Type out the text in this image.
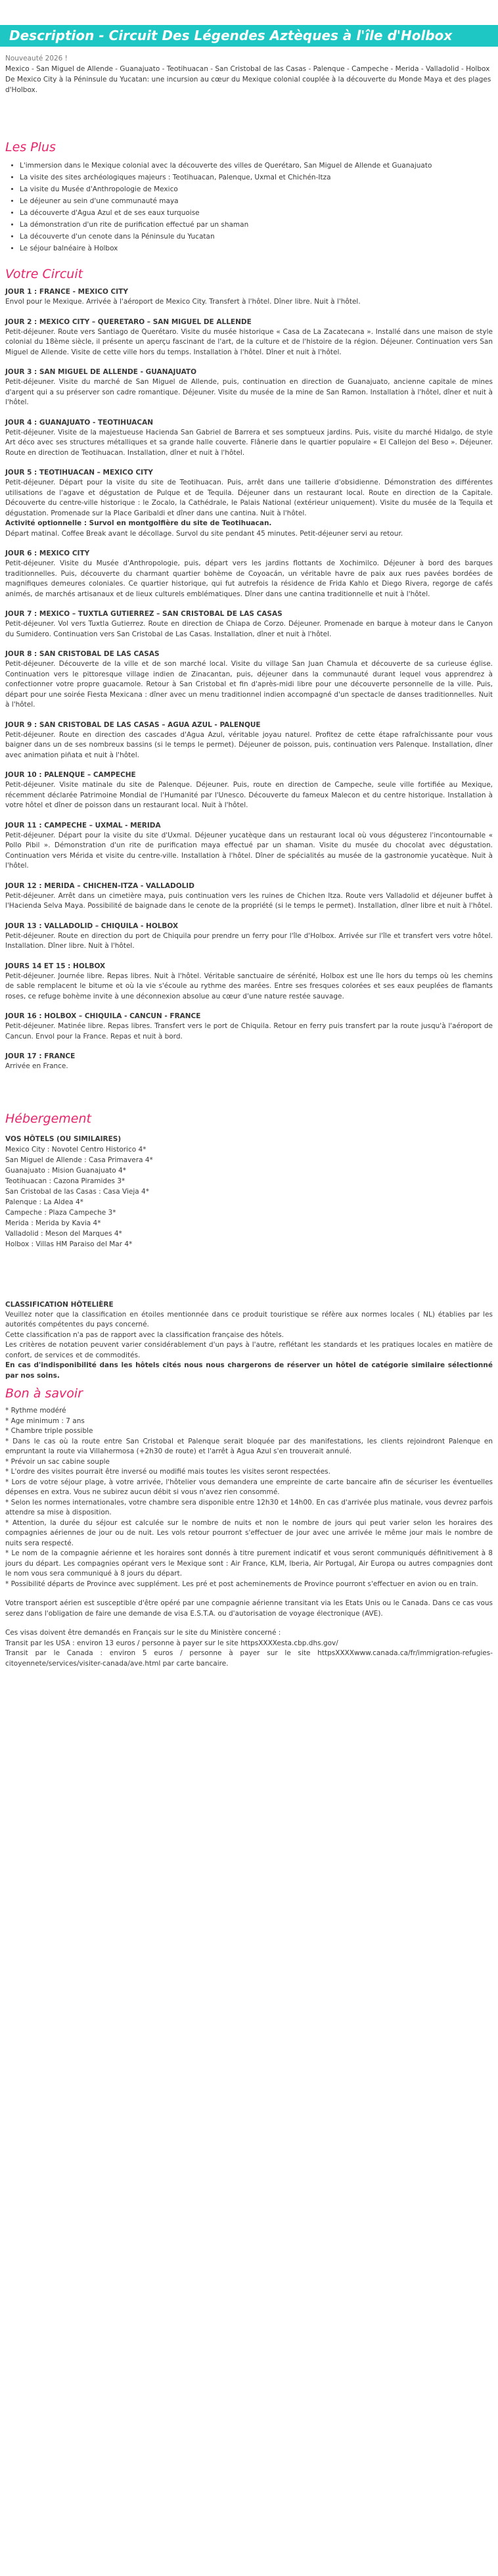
Description - Circuit Des Légendes Aztèques à l'île d'Holbox

Nouveauté 2026 !

Mexico - San Miguel de Allende - Guanajuato - Teotihuacan - San Cristobal de las Casas - Palenque - Campeche - Merida - Valladolid - Holbox

De Mexico City à la Péninsule du Yucatan: une incursion au cœur du Mexique colonial couplée à la découverte du Monde Maya et des plages d'Holbox.

Les Plus
• L'immersion dans le Mexique colonial avec la découverte des villes de Querétaro, San Miguel de Allende et Guanajuato
• La visite des sites archéologiques majeurs : Teotihuacan, Palenque, Uxmal et Chichén-Itza
• La visite du Musée d'Anthropologie de Mexico
• Le déjeuner au sein d'une communauté maya
• La découverte d'Agua Azul et de ses eaux turquoise
• La démonstration d'un rite de purification effectué par un shaman
• La découverte d'un cenote dans la Péninsule du Yucatan
• Le séjour balnéaire à Holbox
Votre Circuit
JOUR 1 : FRANCE - MEXICO CITY
Envol pour le Mexique. Arrivée à l'aéroport de Mexico City. Transfert à l'hôtel. Dîner libre. Nuit à l'hôtel.
JOUR 2 : MEXICO CITY – QUERETARO – SAN MIGUEL DE ALLENDE
Petit-déjeuner. Route vers Santiago de Querétaro. Visite du musée historique « Casa de La Zacatecana ». Installé dans une maison de style colonial du 18ème siècle, il présente un aperçu fascinant de l'art, de la culture et de l'histoire de la région. Déjeuner. Continuation vers San Miguel de Allende. Visite de cette ville hors du temps. Installation à l'hôtel. Dîner et nuit à l'hôtel.
JOUR 3 : SAN MIGUEL DE ALLENDE - GUANAJUATO
Petit-déjeuner. Visite du marché de San Miguel de Allende, puis, continuation en direction de Guanajuato, ancienne capitale de mines d'argent qui a su préserver son cadre romantique. Déjeuner. Visite du musée de la mine de San Ramon. Installation à l'hôtel, dîner et nuit à l'hôtel.
JOUR 4 : GUANAJUATO - TEOTIHUACAN
Petit-déjeuner. Visite de la majestueuse Hacienda San Gabriel de Barrera et ses somptueux jardins. Puis, visite du marché Hidalgo, de style Art déco avec ses structures métalliques et sa grande halle couverte. Flânerie dans le quartier populaire « El Callejon del Beso ». Déjeuner. Route en direction de Teotihuacan. Installation, dîner et nuit à l'hôtel.
JOUR 5 : TEOTIHUACAN – MEXICO CITY
Petit-déjeuner. Départ pour la visite du site de Teotihuacan. Puis, arrêt dans une taillerie d'obsidienne. Démonstration des différentes utilisations de l'agave et dégustation de Pulque et de Tequila. Déjeuner dans un restaurant local. Route en direction de la Capitale. Découverte du centre-ville historique : le Zocalo, la Cathédrale, le Palais National (extérieur uniquement). Visite du musée de la Tequila et dégustation. Promenade sur la Place Garibaldi et dîner dans une cantina. Nuit à l'hôtel.
Activité optionnelle : Survol en montgolfière du site de Teotihuacan.
Départ matinal. Coffee Break avant le décollage. Survol du site pendant 45 minutes. Petit-déjeuner servi au retour.
JOUR 6 : MEXICO CITY
Petit-déjeuner. Visite du Musée d'Anthropologie, puis, départ vers les jardins flottants de Xochimilco. Déjeuner à bord des barques traditionnelles. Puis, découverte du charmant quartier bohème de Coyoacán, un véritable havre de paix aux rues pavées bordées de magnifiques demeures coloniales. Ce quartier historique, qui fut autrefois la résidence de Frida Kahlo et Diego Rivera, regorge de cafés animés, de marchés artisanaux et de lieux culturels emblématiques. Dîner dans une cantina traditionnelle et nuit à l'hôtel.
JOUR 7 : MEXICO – TUXTLA GUTIERREZ – SAN CRISTOBAL DE LAS CASAS
Petit-déjeuner. Vol vers Tuxtla Gutierrez. Route en direction de Chiapa de Corzo. Déjeuner. Promenade en barque à moteur dans le Canyon du Sumidero. Continuation vers San Cristobal de Las Casas. Installation, dîner et nuit à l'hôtel.
JOUR 8 : SAN CRISTOBAL DE LAS CASAS
Petit-déjeuner. Découverte de la ville et de son marché local. Visite du village San Juan Chamula et découverte de sa curieuse église. Continuation vers le pittoresque village indien de Zinacantan, puis, déjeuner dans la communauté durant lequel vous apprendrez à confectionner votre propre guacamole. Retour à San Cristobal et fin d'après-midi libre pour une découverte personnelle de la ville. Puis, départ pour une soirée Fiesta Mexicana : dîner avec un menu traditionnel indien accompagné d'un spectacle de danses traditionnelles. Nuit à l'hôtel.
JOUR 9 : SAN CRISTOBAL DE LAS CASAS – AGUA AZUL - PALENQUE
Petit-déjeuner. Route en direction des cascades d'Agua Azul, véritable joyau naturel. Profitez de cette étape rafraîchissante pour vous baigner dans un de ses nombreux bassins (si le temps le permet). Déjeuner de poisson, puis, continuation vers Palenque. Installation, dîner avec animation piñata et nuit à l'hôtel.
JOUR 10 : PALENQUE – CAMPECHE
Petit-déjeuner. Visite matinale du site de Palenque. Déjeuner. Puis, route en direction de Campeche, seule ville fortifiée au Mexique, récemment déclarée Patrimoine Mondial de l'Humanité par l'Unesco. Découverte du fameux Malecon et du centre historique. Installation à votre hôtel et dîner de poisson dans un restaurant local. Nuit à l'hôtel.
JOUR 11 : CAMPECHE – UXMAL - MERIDA
Petit-déjeuner. Départ pour la visite du site d'Uxmal. Déjeuner yucatèque dans un restaurant local où vous dégusterez l'incontournable « Pollo Pibil ». Démonstration d'un rite de purification maya effectué par un shaman. Visite du musée du chocolat avec dégustation. Continuation vers Mérida et visite du centre-ville. Installation à l'hôtel. Dîner de spécialités au musée de la gastronomie yucatèque. Nuit à l'hôtel.
JOUR 12 : MERIDA – CHICHEN-ITZA - VALLADOLID
Petit-déjeuner. Arrêt dans un cimetière maya, puis continuation vers les ruines de Chichen Itza. Route vers Valladolid et déjeuner buffet à l'Hacienda Selva Maya. Possibilité de baignade dans le cenote de la propriété (si le temps le permet). Installation, dîner libre et nuit à l'hôtel.
JOUR 13 : VALLADOLID – CHIQUILA - HOLBOX
Petit-déjeuner. Route en direction du port de Chiquila pour prendre un ferry pour l'île d'Holbox. Arrivée sur l'île et transfert vers votre hôtel. Installation. Dîner libre. Nuit à l'hôtel.
JOURS 14 ET 15 : HOLBOX
Petit-déjeuner. Journée libre. Repas libres. Nuit à l'hôtel. Véritable sanctuaire de sérénité, Holbox est une île hors du temps où les chemins de sable remplacent le bitume et où la vie s'écoule au rythme des marées. Entre ses fresques colorées et ses eaux peuplées de flamants roses, ce refuge bohème invite à une déconnexion absolue au cœur d'une nature restée sauvage.
JOUR 16 : HOLBOX – CHIQUILA - CANCUN - FRANCE
Petit-déjeuner. Matinée libre. Repas libres. Transfert vers le port de Chiquila. Retour en ferry puis transfert par la route jusqu'à l'aéroport de Cancun. Envol pour la France. Repas et nuit à bord.
JOUR 17 : FRANCE
Arrivée en France.
Hébergement
VOS HÔTELS (OU SIMILAIRES)
Mexico City : Novotel Centro Historico 4*
San Miguel de Allende : Casa Primavera 4*
Guanajuato : Mision Guanajuato 4*
Teotihuacan : Cazona Piramides 3*
San Cristobal de las Casas : Casa Vieja 4*
Palenque : La Aldea 4*
Campeche : Plaza Campeche 3*
Merida : Merida by Kavia 4*
Valladolid : Meson del Marques 4*
Holbox : Villas HM Paraiso del Mar 4*
CLASSIFICATION HÔTELIÈRE

Veuillez noter que la classification en étoiles mentionnée dans ce produit touristique se réfère aux normes locales ( NL) établies par les autorités compétentes du pays concerné.

Cette classification n'a pas de rapport avec la classification française des hôtels.

Les critères de notation peuvent varier considérablement d'un pays à l'autre, reflétant les standards et les pratiques locales en matière de confort, de services et de commodités.

En cas d'indisponibilité dans les hôtels cités nous nous chargerons de réserver un hôtel de catégorie similaire sélectionné par nos soins.

Bon à savoir

* Rythme modéré

* Age minimum : 7 ans

* Chambre triple possible

* Dans le cas où la route entre San Cristobal et Palenque serait bloquée par des manifestations, les clients rejoindront Palenque en empruntant la route via Villahermosa (+2h30 de route) et l'arrêt à Agua Azul s'en trouverait annulé.

* Prévoir un sac cabine souple

* L'ordre des visites pourrait être inversé ou modifié mais toutes les visites seront respectées.

* Lors de votre séjour plage, à votre arrivée, l'hôtelier vous demandera une empreinte de carte bancaire afin de sécuriser les éventuelles dépenses en extra. Vous ne subirez aucun débit si vous n'avez rien consommé.

* Selon les normes internationales, votre chambre sera disponible entre 12h30 et 14h00. En cas d'arrivée plus matinale, vous devrez parfois attendre sa mise à disposition.

* Attention, la durée du séjour est calculée sur le nombre de nuits et non le nombre de jours qui peut varier selon les horaires des compagnies aériennes de jour ou de nuit. Les vols retour pourront s'effectuer de jour avec une arrivée le même jour mais le nombre de nuits sera respecté.

* Le nom de la compagnie aérienne et les horaires sont donnés à titre purement indicatif et vous seront communiqués définitivement à 8 jours du départ. Les compagnies opérant vers le Mexique sont : Air France, KLM, Iberia, Air Portugal, Air Europa ou autres compagnies dont le nom vous sera communiqué à 8 jours du départ.

* Possibilité départs de Province avec supplément. Les pré et post acheminements de Province pourront s'effectuer en avion ou en train.

Votre transport aérien est susceptible d'être opéré par une compagnie aérienne transitant via les Etats Unis ou le Canada. Dans ce cas vous serez dans l'obligation de faire une demande de visa E.S.T.A. ou d'autorisation de voyage électronique (AVE).

Ces visas doivent être demandés en Français sur le site du Ministère concerné :

Transit par les USA : environ 13 euros / personne à payer sur le site httpsXXXXesta.cbp.dhs.gov/

Transit par le Canada : environ 5 euros / personne à payer sur le site httpsXXXXwww.canada.ca/fr/immigration-refugies-citoyennete/services/visiter-canada/ave.html par carte bancaire.
